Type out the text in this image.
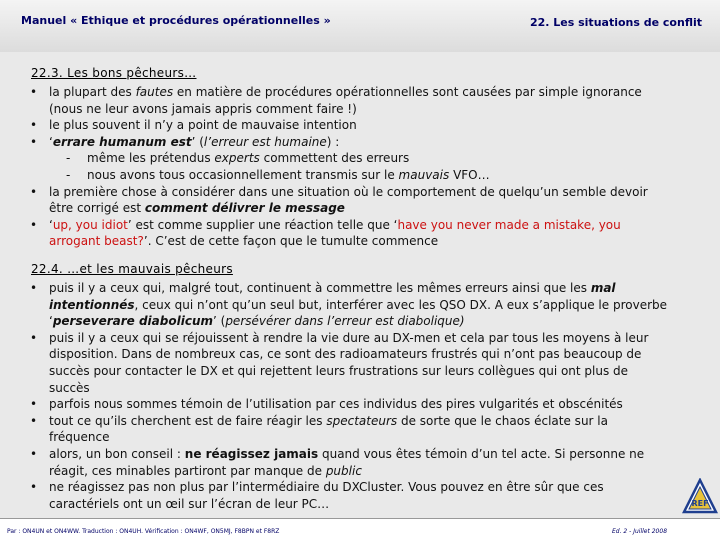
Manuel « Ethique et procédures opérationnelles »	22. Les situations de conflit
22.3. Les bons pêcheurs…
• la plupart des fautes en matière de procédures opérationnelles sont causées par simple ignorance (nous ne leur avons jamais appris comment faire !)
• le plus souvent il n’y a point de mauvaise intention
• ‘errare humanum est’ (l’erreur est humaine) :
- même les prétendus experts commettent des erreurs
- nous avons tous occasionnellement transmis sur le mauvais VFO…
• la première chose à considérer dans une situation où le comportement de quelqu’un semble devoir être corrigé est comment délivrer le message
• ‘up, you idiot’ est comme supplier une réaction telle que ‘have you never made a mistake, you arrogant beast?’. C’est de cette façon que le tumulte commence
22.4. …et les mauvais pêcheurs
• puis il y a ceux qui, malgré tout, continuent à commettre les mêmes erreurs ainsi que les mal intentionnés, ceux qui n’ont qu’un seul but, interférer avec les QSO DX. A eux s’applique le proverbe ‘perseverare diabolicum’ (persévérer dans l’erreur est diabolique)
• puis il y a ceux qui se réjouissent à rendre la vie dure au DX-men et cela par tous les moyens à leur disposition. Dans de nombreux cas, ce sont des radioamateurs frustrés qui n’ont pas beaucoup de succès pour contacter le DX et qui rejettent leurs frustrations sur leurs collègues qui ont plus de succès
• parfois nous sommes témoin de l’utilisation par ces individus des pires vulgarités et obscénités
• tout ce qu’ils cherchent est de faire réagir les spectateurs de sorte que le chaos éclate sur la fréquence
• alors, un bon conseil : ne réagissez jamais quand vous êtes témoin d’un tel acte. Si personne ne réagit, ces minables partiront par manque de public
• ne réagissez pas non plus par l’intermédiaire du DXCluster. Vous pouvez en être sûr que ces caractériels ont un œil sur l’écran de leur PC…	REF
Par : ON4UN et ON4WW. Traduction : ON4UH. Vérification : ON4WF, ON5MJ, F8BPN et F8RZ	Ed. 2 - Juillet 2008
